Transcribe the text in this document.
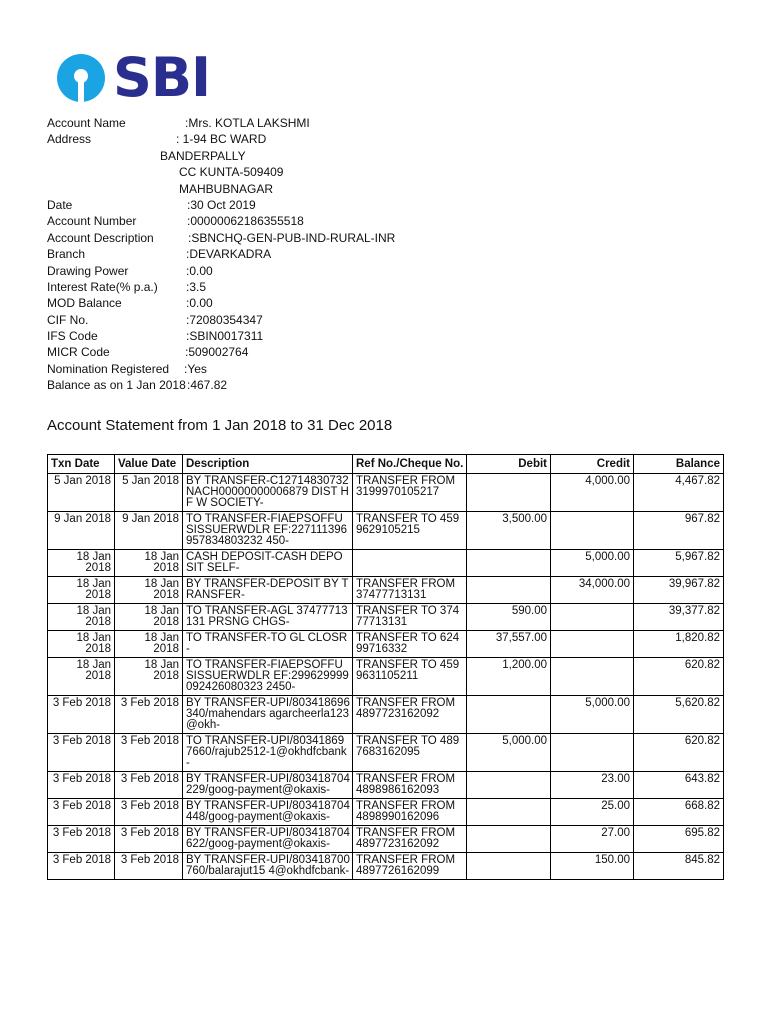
SBI
Account Name	:Mrs. KOTLA LAKSHMI
Address	: 1-94 BC WARD
BANDERPALLY
CC KUNTA-509409
MAHBUBNAGAR
Date	:30 Oct 2019
Account Number	:00000062186355518
Account Description	:SBNCHQ-GEN-PUB-IND-RURAL-INR
Branch	:DEVARKADRA
Drawing Power	:0.00
Interest Rate(% p.a.) :3.5
MOD Balance	:0.00
CIF No.	:72080354347
IFS Code	:SBIN0017311
MICR Code	:509002764
Nomination Registered :Yes
Balance as on 1 Jan 2018 :467.82
Account Statement from 1 Jan 2018 to 31 Dec 2018
Txn Date	Value Date	Description	Ref No./Cheque No.	Debit	Credit	Balance
5 Jan 2018	5 Jan 2018	BY TRANSFER-C12714830732 NACH00000000006879 DIST HF W SOCIETY-	TRANSFER FROM 3199970105217		4,000.00	4,467.82
9 Jan 2018	9 Jan 2018	TO TRANSFER-FIAEPSOFFUSISSUERWDLR EF:227111396957834803232 450-	TRANSFER TO 4599629105215	3,500.00		967.82
18 Jan 2018	18 Jan 2018	CASH DEPOSIT-CASH DEPOSIT SELF-			5,000.00	5,967.82
18 Jan 2018	18 Jan 2018	BY TRANSFER-DEPOSIT BY TRANSFER-	TRANSFER FROM 37477713131		34,000.00	39,967.82
18 Jan 2018	18 Jan 2018	TO TRANSFER-AGL 37477713131 PRSNG CHGS-	TRANSFER TO 37477713131	590.00		39,377.82
18 Jan 2018	18 Jan 2018	TO TRANSFER-TO GL CLOSR -	TRANSFER TO 62499716332	37,557.00		1,820.82
18 Jan 2018	18 Jan 2018	TO TRANSFER-FIAEPSOFFUSISSUERWDLR EF:299629999092426080323 2450-	TRANSFER TO 4599631105211	1,200.00		620.82
3 Feb 2018	3 Feb 2018	BY TRANSFER-UPI/803418696340/mahendars agarcheerla123@okh-	TRANSFER FROM 4897723162092		5,000.00	5,620.82
3 Feb 2018	3 Feb 2018	TO TRANSFER-UPI/803418697660/rajub2512-1@okhdfcbank-	TRANSFER TO 4897683162095	5,000.00		620.82
3 Feb 2018	3 Feb 2018	BY TRANSFER-UPI/803418704229/goog-payment@okaxis-	TRANSFER FROM 4898986162093		23.00	643.82
3 Feb 2018	3 Feb 2018	BY TRANSFER-UPI/803418704448/goog-payment@okaxis-	TRANSFER FROM 4898990162096		25.00	668.82
3 Feb 2018	3 Feb 2018	BY TRANSFER-UPI/803418704622/goog-payment@okaxis-	TRANSFER FROM 4897723162092		27.00	695.82
3 Feb 2018	3 Feb 2018	BY TRANSFER-UPI/803418700760/balarajut15 4@okhdfcbank-	TRANSFER FROM 4897726162099		150.00	845.82
